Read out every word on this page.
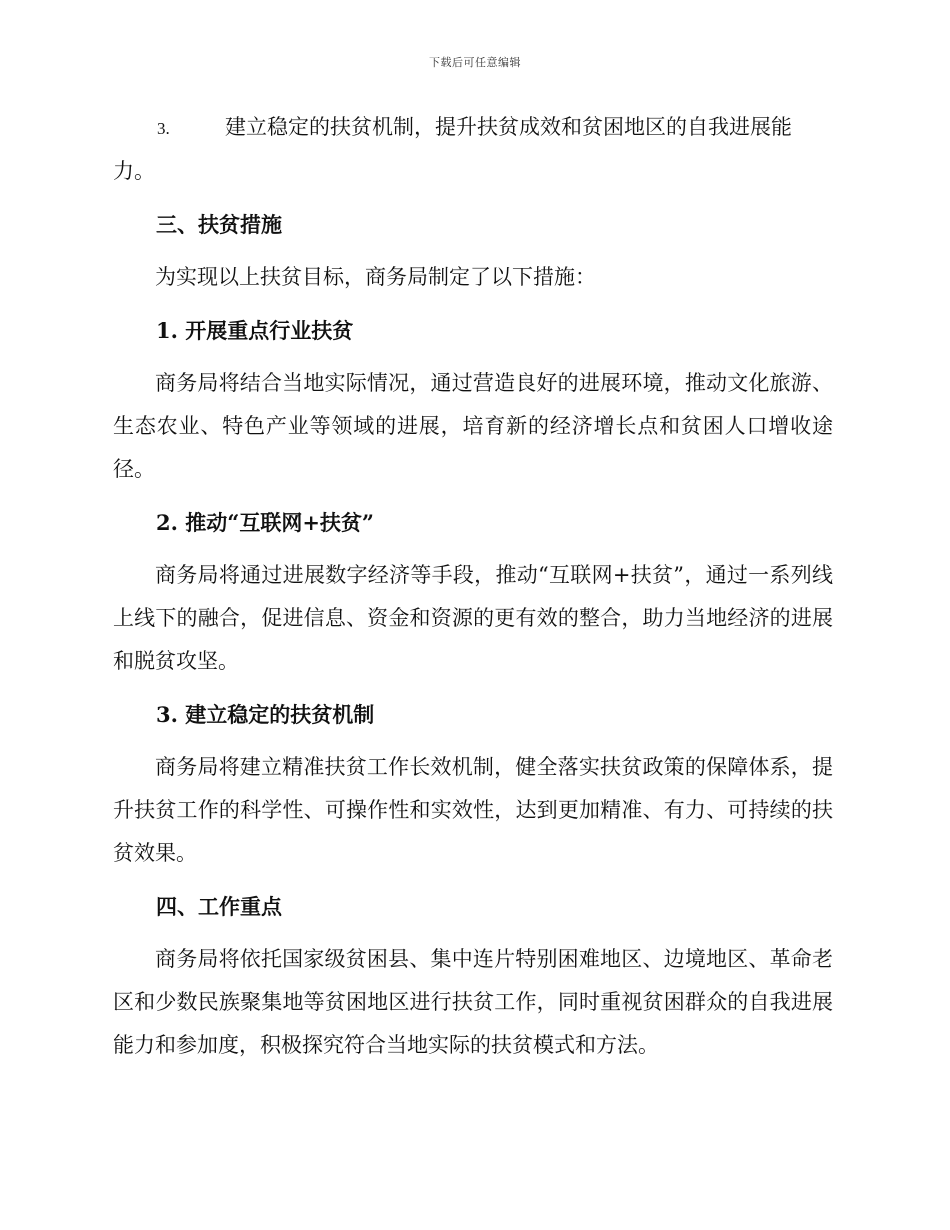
下载后可任意编辑

3.	建立稳定的扶贫机制，提升扶贫成效和贫困地区的自我进展能力。

三、扶贫措施

为实现以上扶贫目标，商务局制定了以下措施：

1. 开展重点行业扶贫

商务局将结合当地实际情况，通过营造良好的进展环境，推动文化旅游、生态农业、特色产业等领域的进展，培育新的经济增长点和贫困人口增收途径。

2. 推动“互联网+扶贫”

商务局将通过进展数字经济等手段，推动“互联网+扶贫”，通过一系列线上线下的融合，促进信息、资金和资源的更有效的整合，助力当地经济的进展和脱贫攻坚。

3. 建立稳定的扶贫机制

商务局将建立精准扶贫工作长效机制，健全落实扶贫政策的保障体系，提升扶贫工作的科学性、可操作性和实效性，达到更加精准、有力、可持续的扶贫效果。

四、工作重点

商务局将依托国家级贫困县、集中连片特别困难地区、边境地区、革命老区和少数民族聚集地等贫困地区进行扶贫工作，同时重视贫困群众的自我进展能力和参加度，积极探究符合当地实际的扶贫模式和方法。
